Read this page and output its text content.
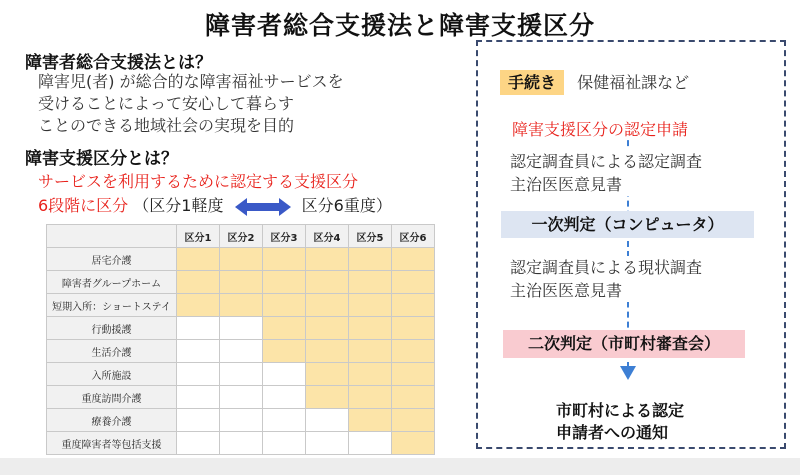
障害者総合支援法と障害支援区分
障害者総合支援法とは？
障害児(者) が総合的な障害福祉サービスを
受けることによって安心して暮らす
ことのできる地域社会の実現を目的
障害支援区分とは？
サービスを利用するために認定する支援区分
6段階に区分 （区分1軽度	区分6重度）
	区分1	区分2	区分3	区分4	区分5	区分6
居宅介護						
障害者グループホーム						
短期入所：ショートステイ						
行動援護						
生活介護						
入所施設						
重度訪問介護						
療養介護						
重度障害者等包括支援						
手続き 保健福祉課など
障害支援区分の認定申請
認定調査員による認定調査
主治医医意見書
一次判定（コンピュータ）
認定調査員による現状調査
主治医医意見書
二次判定（市町村審査会）
市町村による認定
申請者への通知
